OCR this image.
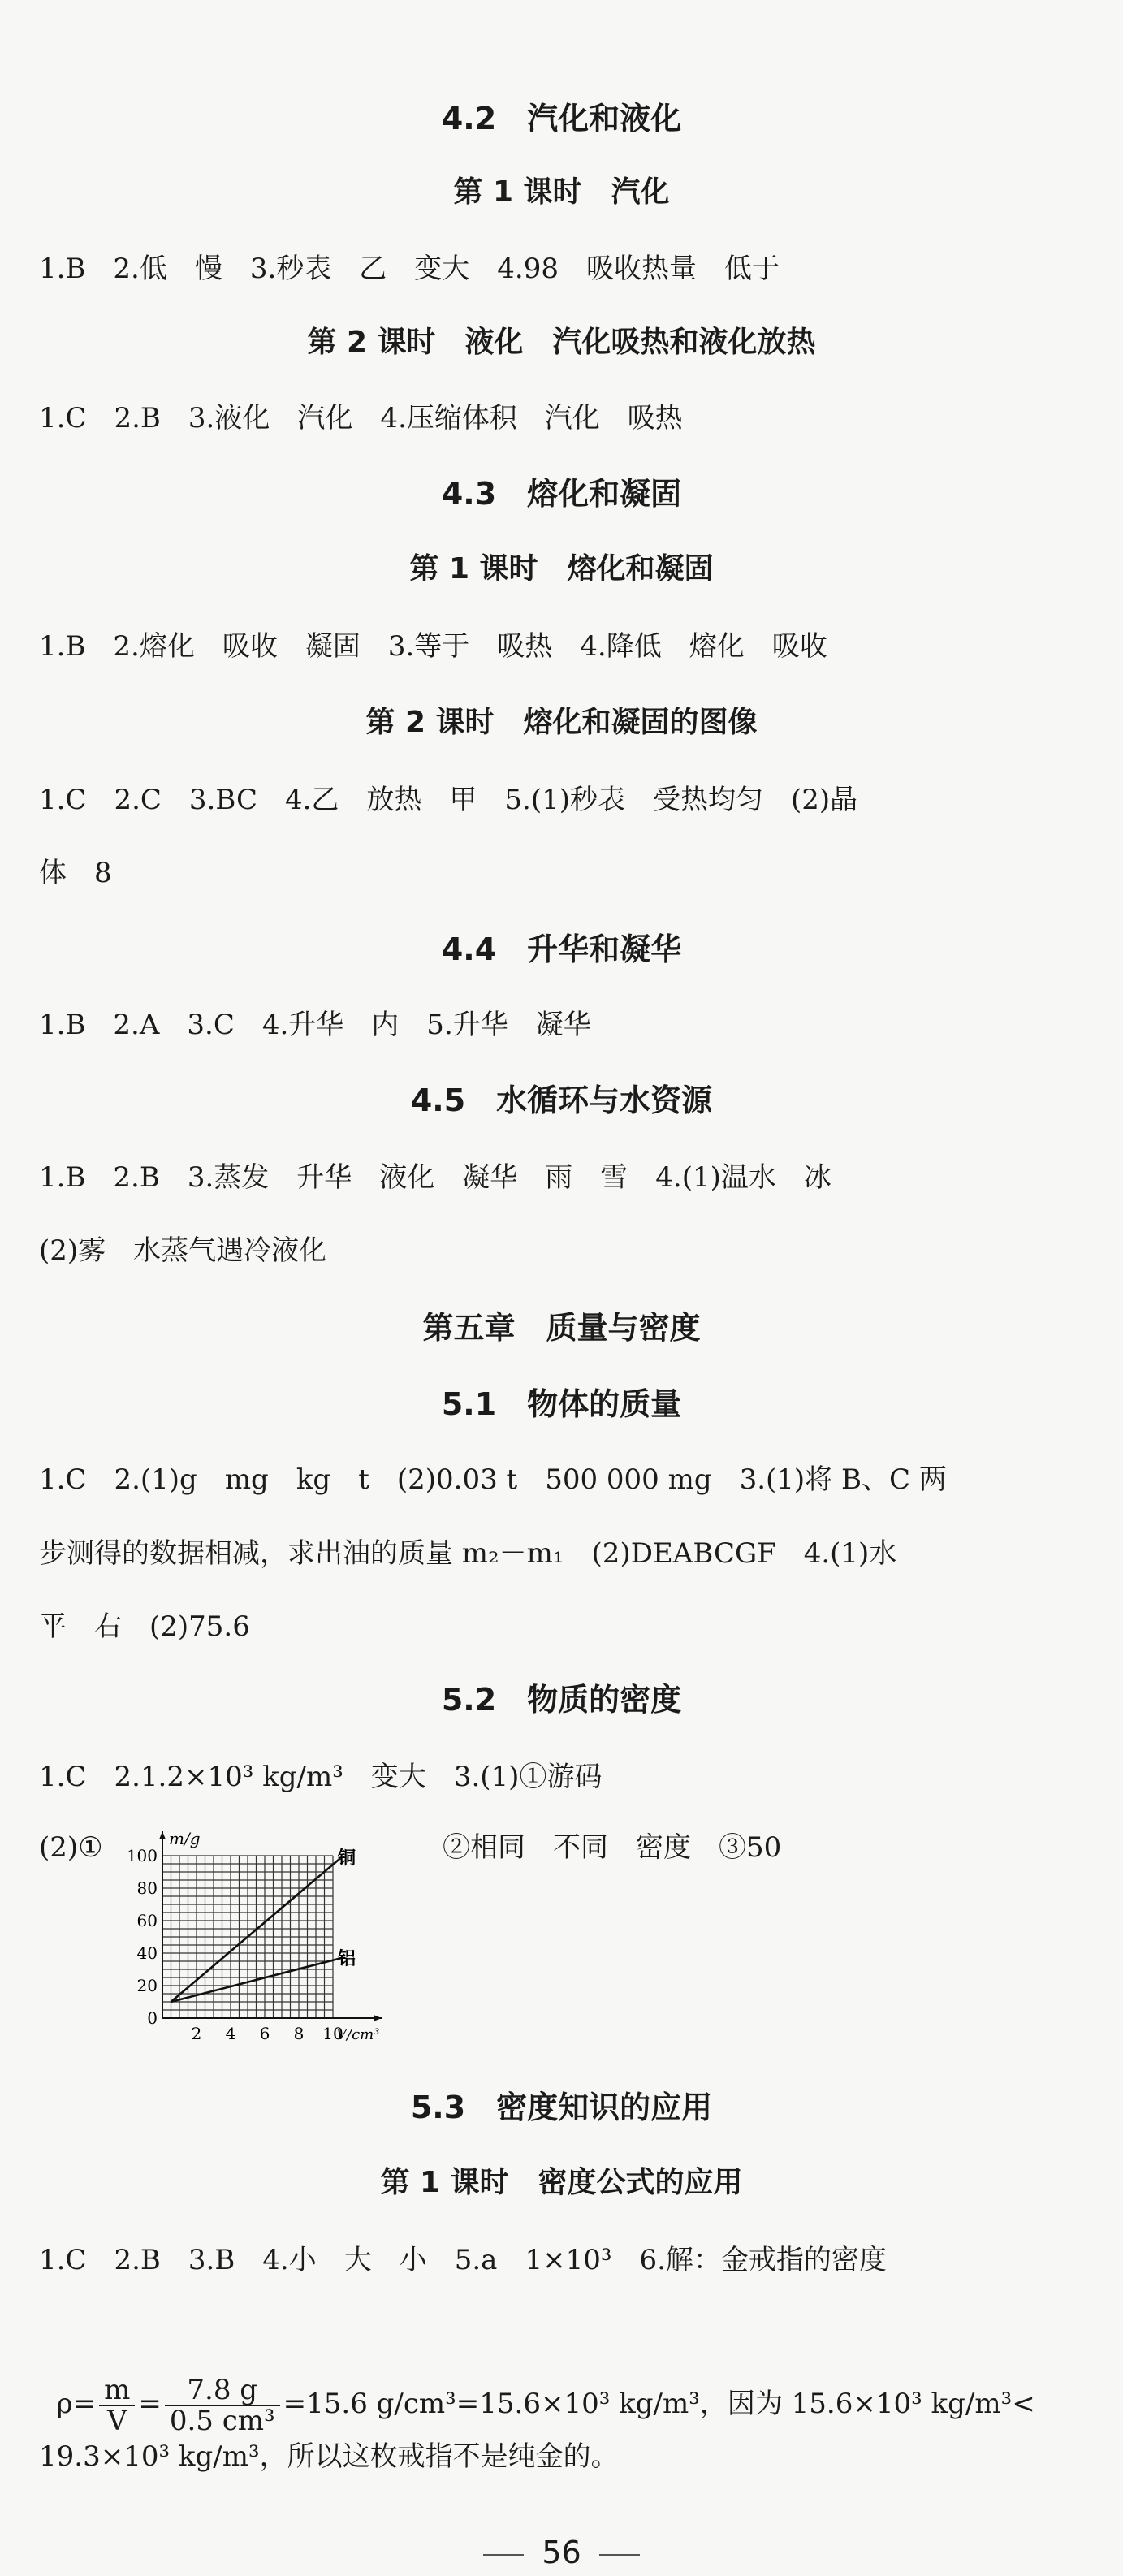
4.2　汽化和液化
第 1 课时　汽化
1.B　2.低　慢　3.秒表　乙　变大　4.98　吸收热量　低于
第 2 课时　液化　汽化吸热和液化放热
1.C　2.B　3.液化　汽化　4.压缩体积　汽化　吸热
4.3　熔化和凝固
第 1 课时　熔化和凝固
1.B　2.熔化　吸收　凝固　3.等于　吸热　4.降低　熔化　吸收
第 2 课时　熔化和凝固的图像
1.C　2.C　3.BC　4.乙　放热　甲　5.(1)秒表　受热均匀　(2)晶
体　8
4.4　升华和凝华
1.B　2.A　3.C　4.升华　内　5.升华　凝华
4.5　水循环与水资源
1.B　2.B　3.蒸发　升华　液化　凝华　雨　雪　4.(1)温水　冰
(2)雾　水蒸气遇冷液化
第五章　质量与密度
5.1　物体的质量
1.C　2.(1)g　mg　kg　t　(2)0.03 t　500 000 mg　3.(1)将 B、C 两
步测得的数据相减，求出油的质量 m₂－m₁　(2)DEABCGF　4.(1)水
平　右　(2)75.6
5.2　物质的密度
1.C　2.1.2×10³ kg/m³　变大　3.(1)①游码
(2)①	②相同　不同　密度　③50
0
20
40
60
80
100
2 4 6 8 10
m/g
V/cm³
铜
铝
5.3　密度知识的应用
第 1 课时　密度公式的应用
1.C　2.B　3.B　4.小　大　小　5.a　1×10³　6.解：金戒指的密度

$\rho= \frac{m}{V} = \frac{7.8 g}{\text{0.5 cm³}} =15.6$ g/cm³=15.6×10³ kg/m³，因为 15.6×10³ kg/m³<

19.3×10³ kg/m³，所以这枚戒指不是纯金的。
56
